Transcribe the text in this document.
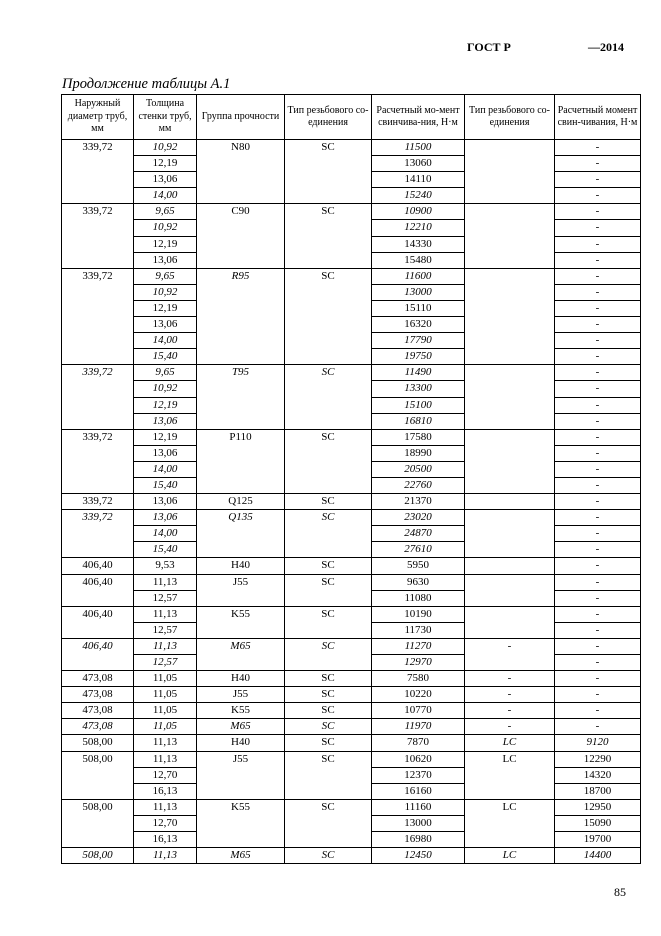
ГОСТ Р	—2014
Продолжение таблицы А.1
Наружный диаметр труб, мм	Толщина стенки труб, мм	Группа прочности	Тип резьбового со-единения	Расчетный мо-мент свинчива-ния, Н·м	Тип резьбового со-единения	Расчетный момент свин-чивания, Н·м
339,72	10,92	N80	SC	11500		-
	12,19			13060		-
	13,06			14110		-
	14,00			15240		-
339,72	9,65	C90	SC	10900		-
	10,92			12210		-
	12,19			14330		-
	13,06			15480		-
339,72	9,65	R95	SC	11600		-
	10,92			13000		-
	12,19			15110		-
	13,06			16320		-
	14,00			17790		-
	15,40			19750		-
339,72	9,65	T95	SC	11490		-
	10,92			13300		-
	12,19			15100		-
	13,06			16810		-
339,72	12,19	P110	SC	17580		-
	13,06			18990		-
	14,00			20500		-
	15,40			22760		-
339,72	13,06	Q125	SC	21370		-
339,72	13,06	Q135	SC	23020		-
	14,00			24870		-
	15,40			27610		-
406,40	9,53	H40	SC	5950		-
406,40	11,13	J55	SC	9630		-
	12,57			11080		-
406,40	11,13	K55	SC	10190		-
	12,57			11730		-
406,40	11,13	M65	SC	11270	-	-
	12,57			12970		-
473,08	11,05	H40	SC	7580	-	-
473,08	11,05	J55	SC	10220	-	-
473,08	11,05	K55	SC	10770	-	-
473,08	11,05	M65	SC	11970	-	-
508,00	11,13	H40	SC	7870	LC	9120
508,00	11,13	J55	SC	10620	LC	12290
	12,70			12370		14320
	16,13			16160		18700
508,00	11,13	K55	SC	11160	LC	12950
	12,70			13000		15090
	16,13			16980		19700
508,00	11,13	M65	SC	12450	LC	14400
85
